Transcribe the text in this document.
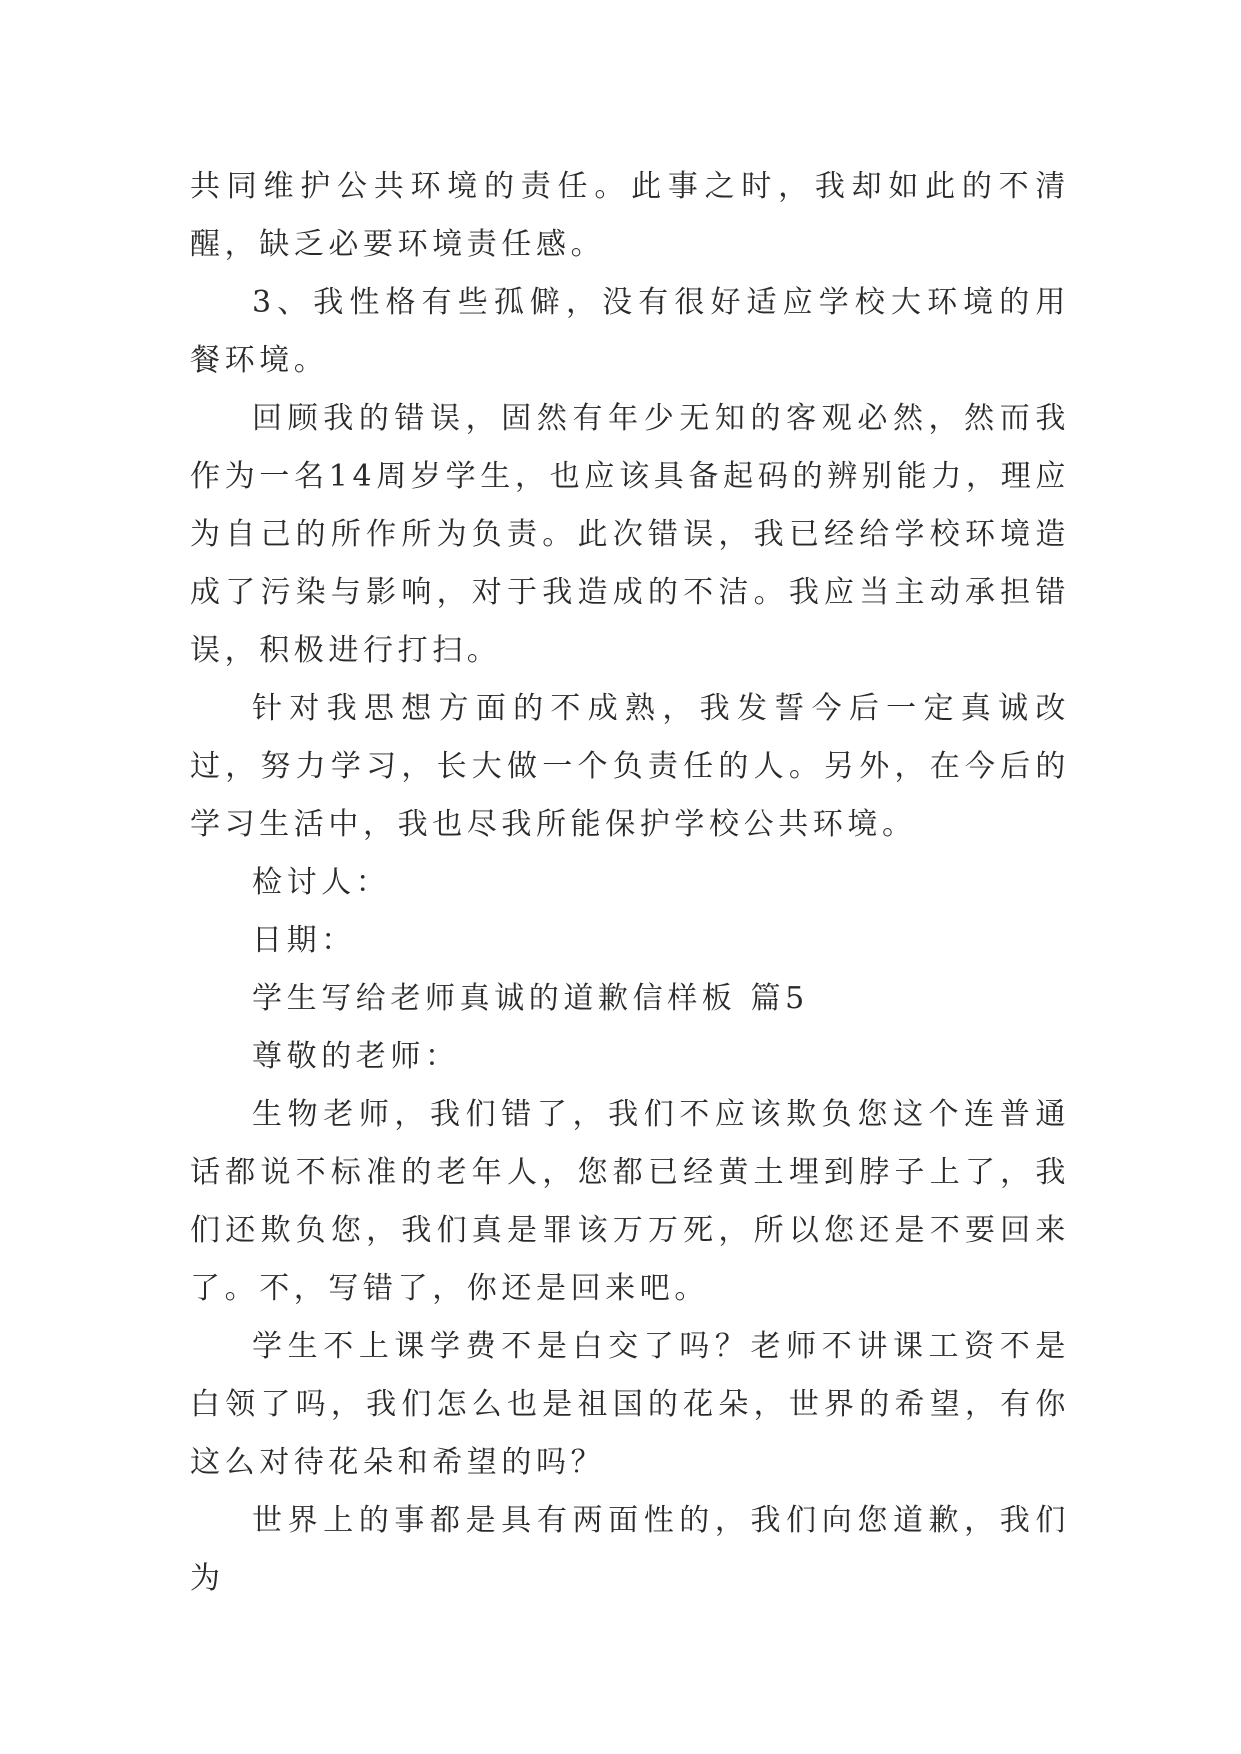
共同维护公共环境的责任。此事之时，我却如此的不清醒，缺乏必要环境责任感。

3、我性格有些孤僻，没有很好适应学校大环境的用餐环境。

回顾我的错误，固然有年少无知的客观必然，然而我作为一名14周岁学生，也应该具备起码的辨别能力，理应为自己的所作所为负责。此次错误，我已经给学校环境造成了污染与影响，对于我造成的不洁。我应当主动承担错误，积极进行打扫。

针对我思想方面的不成熟，我发誓今后一定真诚改过，努力学习，长大做一个负责任的人。另外，在今后的学习生活中，我也尽我所能保护学校公共环境。

检讨人：

日期：

学生写给老师真诚的道歉信样板 篇5

尊敬的老师：

生物老师，我们错了，我们不应该欺负您这个连普通话都说不标准的老年人，您都已经黄土埋到脖子上了，我们还欺负您，我们真是罪该万万死，所以您还是不要回来了。不，写错了，你还是回来吧。

学生不上课学费不是白交了吗？老师不讲课工资不是白领了吗，我们怎么也是祖国的花朵，世界的希望，有你这么对待花朵和希望的吗？

世界上的事都是具有两面性的，我们向您道歉，我们为
